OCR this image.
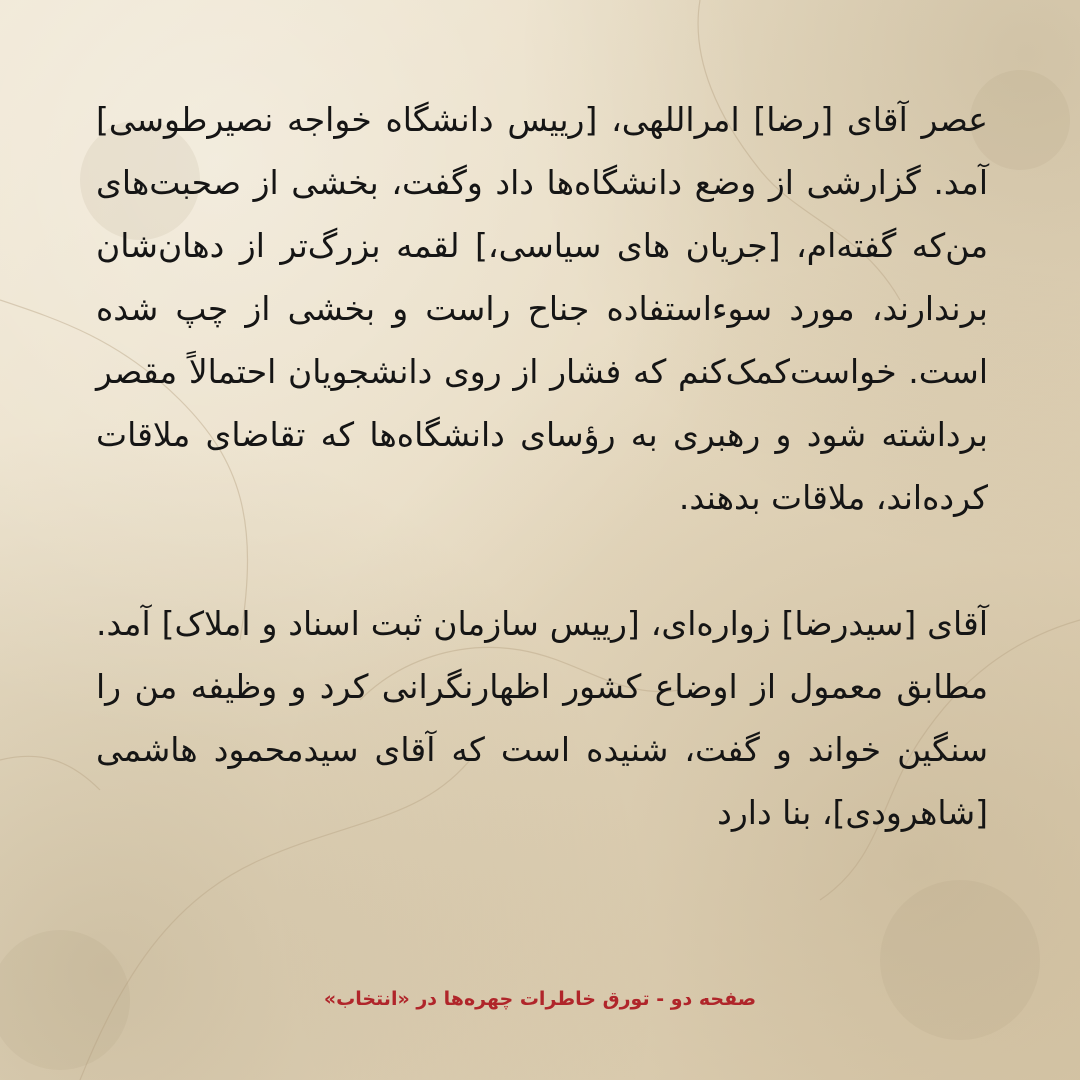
عصر آقای [رضا] امراللهی، [رییس دانشگاه خواجه نصیرطوسی] آمد. گزارشی از وضع دانشگاه‌ها داد وگفت، بخشی از صحبت‌های من‌که گفته‌ام، [جریان های سیاسی،] لقمه بزرگ‌تر از دهان‌شان برندارند، مورد سوءاستفاده جناح راست و بخشی از چپ شده است. خواست‌کمک‌کنم که فشار از روی دانشجویان احتمالاً مقصر برداشته شود و رهبری به رؤسای دانشگاه‌ها که تقاضای ملاقات کرده‌اند، ملاقات بدهند.

آقای [سیدرضا] زواره‌ای، [رییس سازمان ثبت اسناد و املاک] آمد. مطابق معمول از اوضاع کشور اظهارنگرانی کرد و وظیفه من را سنگین خواند و گفت، شنیده است که آقای سیدمحمود هاشمی [شاهرودی]، بنا دارد

صفحه دو - تورق خاطرات چهره‌ها در «انتخاب»
